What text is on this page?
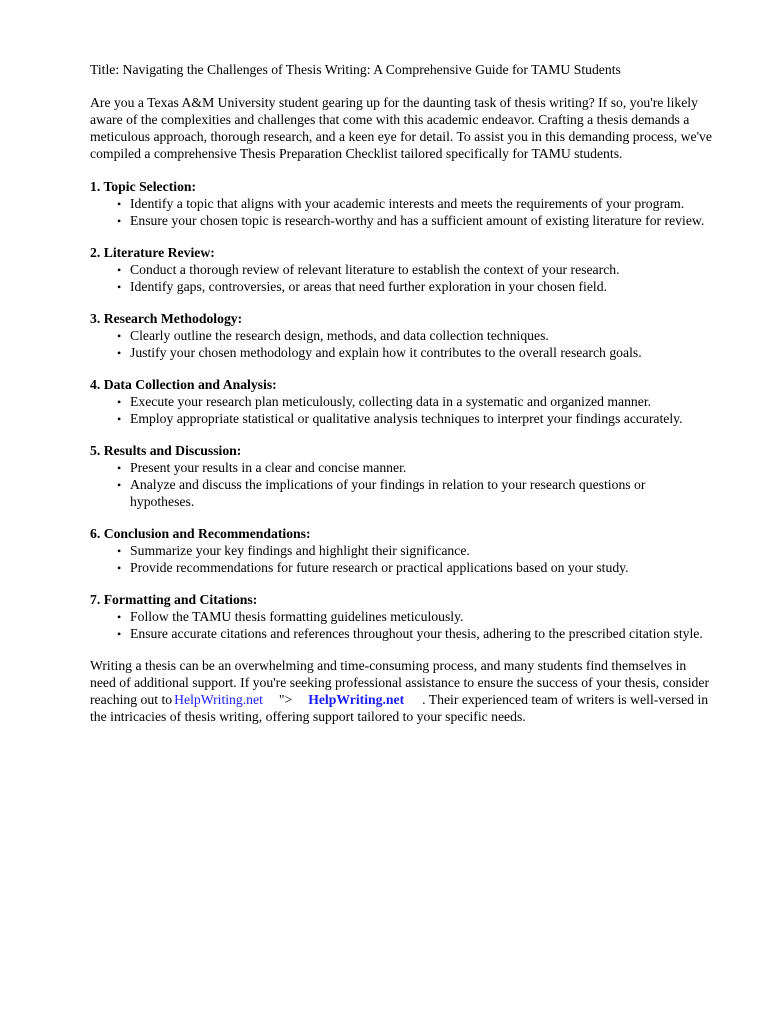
Title: Navigating the Challenges of Thesis Writing: A Comprehensive Guide for TAMU Students

Are you a Texas A&M University student gearing up for the daunting task of thesis writing? If so, you're likely aware of the complexities and challenges that come with this academic endeavor. Crafting a thesis demands a meticulous approach, thorough research, and a keen eye for detail. To assist you in this demanding process, we've compiled a comprehensive Thesis Preparation Checklist tailored specifically for TAMU students.

1. Topic Selection:

• Identify a topic that aligns with your academic interests and meets the requirements of your program.
• Ensure your chosen topic is research-worthy and has a sufficient amount of existing literature for review.

2. Literature Review:

• Conduct a thorough review of relevant literature to establish the context of your research.
• Identify gaps, controversies, or areas that need further exploration in your chosen field.

3. Research Methodology:

• Clearly outline the research design, methods, and data collection techniques.
• Justify your chosen methodology and explain how it contributes to the overall research goals.

4. Data Collection and Analysis:

• Execute your research plan meticulously, collecting data in a systematic and organized manner.
• Employ appropriate statistical or qualitative analysis techniques to interpret your findings accurately.

5. Results and Discussion:

• Present your results in a clear and concise manner.
• Analyze and discuss the implications of your findings in relation to your research questions or hypotheses.

6. Conclusion and Recommendations:

• Summarize your key findings and highlight their significance.
• Provide recommendations for future research or practical applications based on your study.

7. Formatting and Citations:

• Follow the TAMU thesis formatting guidelines meticulously.
• Ensure accurate citations and references throughout your thesis, adhering to the prescribed citation style.

Writing a thesis can be an overwhelming and time-consuming process, and many students find themselves in need of additional support. If you're seeking professional assistance to ensure the success of your thesis, consider reaching out to HelpWriting.net "> HelpWriting.net . Their experienced team of writers is well-versed in the intricacies of thesis writing, offering support tailored to your specific needs.
